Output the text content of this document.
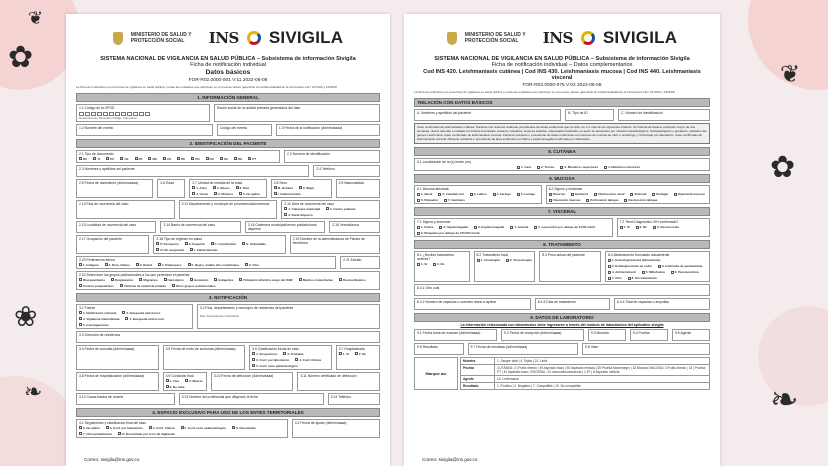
✿
❦
❀
❧
❦
✿
❧
MINISTERIO DE SALUD Y PROTECCIÓN SOCIAL	INS SIVIGILA
SISTEMA NACIONAL DE VIGILANCIA EN SALUD PÚBLICA – Subsistema de información Sivigila
Ficha de notificación individual
Datos básicos
FOR-R02.0000-001 V:11 2022-06-08
La ficha de notificación es para fines de vigilancia en salud pública y todas las entidades que participen en el proceso deben garantizar la confidencialidad de la información LEY 1273/09 y 1266/08
1. INFORMACIÓN GENERAL
1.1 Código de la UPGD
Departamento Municipio Código Sub-Índice
Razón social de la unidad primaria generadora del dato
1.2 Nombre del evento	Código del evento	1.3 Fecha de la notificación (dd/mm/aaaa)
2. IDENTIFICACIÓN DEL PACIENTE
2.1 Tipo de documento
RC	TI	CC	CE	PA	MS	AS	PE	CN	CD	SC	DE	PT
2.2 Número de identificación
2.3 Nombres y apellidos del paciente	2.4 Teléfono
2.5 Fecha de nacimiento (dd/mm/aaaa)	2.6 Edad	2.7 Unidad de medida de la edad
1. Años	2. Meses	3. Días
4. Horas	5. Minutos	0. No aplica
2.8 Sexo
M. Hombre	F. Mujer
I. Indeterminado
2.9 Nacionalidad
2.10 País de ocurrencia del caso	2.11 Departamento y municipio de procedencia/ocurrencia	2.12 Área de ocurrencia del caso
1. Cabecera municipal	2. Centro poblado
3. Rural disperso
2.13 Localidad de ocurrencia del caso	2.14 Barrio de ocurrencia del caso	2.15 Cabecera municipal/centro poblado/rural disperso
2.16 Vereda/zona
2.17 Ocupación del paciente	2.18 Tipo de régimen en salud
P. Excepción	E. Especial	C. Contributivo	S. Subsidiado
N. No asegurado	I. Indeterminado
2.19 Nombre de la administradora de Planes de beneficios
2.20 Pertenencia étnica
1. Indígena	2. Rom, Gitano	3. Raizal	4. Palenquero	5. Negro, mulato afro colombiano	6. Otro
2.21 Estrato
2.22 Seleccione los grupos poblacionales a los que pertenece el paciente
Discapacitados	Desplazados	Migrantes	Carcelarios	Gestantes	Indigentes	Población infantil a cargo del ICBF	Madres comunitarias	Desmovilizados
Centros psiquiátricos	Víctimas de violencia armada	Otros grupos poblacionales
3. NOTIFICACIÓN
3.1 Fuente
1. Notificación rutinaria	2. Búsqueda activa Inst.
3. Vigilancia intensificada	4. Búsqueda activa com.
5. Investigaciones
3.2 País, departamento y municipio de residencia del paciente
País Departamento Municipio
3.3 Dirección de residencia
3.4 Fecha de consulta (dd/mm/aaaa)	3.5 Fecha de inicio de síntomas (dd/mm/aaaa)	3.6 Clasificación inicial de caso
1. Sospechoso	2. Probable
3. Conf. por laboratorio	4. Conf. Clínica
5. Conf. nexo epidemiológico
3.7 Hospitalizado
1. Sí	2. No
3.8 Fecha de hospitalización (dd/mm/aaaa)	3.9 Condición final
1. Vivo	2. Muerto
0. No sabe
3.10 Fecha de defunción (dd/mm/aaaa)	3.11 Número certificado de defunción
3.12 Causa básica de muerte	3.13 Nombre del profesional que diligenció la ficha	3.14 Teléfono
4. ESPACIO EXCLUSIVO PARA USO DE LOS ENTES TERRITORIALES
4.1 Seguimiento y clasificación final del caso
0. No aplica	3. Conf. por laboratorio	4. Conf. Clínica	5. Conf. nexo epidemiológico	6. Descartado
7. Otra actualización	D. Descartado por error de digitación
4.2 Fecha de ajuste (dd/mm/aaaa)
Correo: sivigila@ins.gov.co
MINISTERIO DE SALUD Y PROTECCIÓN SOCIAL	INS SIVIGILA
SISTEMA NACIONAL DE VIGILANCIA EN SALUD PÚBLICA – Subsistema de información Sivigila
Ficha de notificación individual – Datos complementarios
Cod INS 420. Leishmaniasis cutánea | Cod INS 430. Leishmaniasis mucosa | Cod INS 440. Leishmaniasis visceral
FOR-R02.0000-075 V:02 2022-06-08
La ficha de notificación es para fines de vigilancia en salud pública y todas las entidades que participen en el proceso deben garantizar la confidencialidad de la información LEY 1273/09 y 1266/08
RELACIÓN CON DATOS BÁSICOS
A. Nombres y apellidos del paciente	B. Tipo de ID	C. Número de identificación
Caso confirmado de leishmaniasis cutánea: Paciente con lesiones cutáneas procedentes de áreas endémicas que cumple con 2 o más de los siguientes criterios: sin historia de trauma, evolución mayor de dos semanas, úlcera redonda u ovalada con bordes levantados, lesiones nodulares, lesiones satélites, adenopatía localizada, en quien se demuestre por métodos parasitológicos, histopatológicos o genéticos, parásitos del género Leishmania. Caso confirmado de leishmaniasis mucosa: Paciente residente o procedente de áreas endémicas con lesiones de mucosa de nariz u orofaringe y confirmado por laboratorio. Caso confirmado de leishmaniasis visceral: Paciente residente o procedente de área endémica con fiebre y esplenomegalia confirmado por laboratorio.
5. CUTÁNEA
5.1 Localización de la (s) lesión (es)
1. Cara	2. Tronco	3. Miembros superiores	4. Miembros inferiores
6. MUCOSA
6.1 Mucosa afectada
1. Nasal	2. Cavidad oral	3. Labios	4. Faringe	5. Laringe
6. Párpados	7. Genitales
6.2 Signos y síntomas
Rinorrea	Epistaxis	Obstrucción nasal	Disfonía	Disfagia	Hiperemia mucosa
Ulceración mucosa	Perforación tabique	Destrucción tabique
7. VISCERAL
7.1 Signos y síntomas
1. Fiebre	2. Hepatomegalia	3. Esplenomegalia	4. Anemia	5. Leucocitos por debajo de 5.000 /mm3
6. Plaquetas por debajo de 150.000 /mm3
7.2 Tiene Diagnóstico VIH confirmado?
1. Sí	2. No	3. Desconocido
8. TRATAMIENTO
8.1 ¿Recibió tratamiento anterior?
1. Sí	2. No
8.2 Tratamiento local
1. Crioterapia	2. Termoterapia
8.3 Peso actual del paciente	8.4 Medicamento formulado actualmente
1. N-metil glucamina (Glucantime)
2. Estibogluconato de sodio	3. Isetionato de pentamidina
4. Anfotericina B	5. Miltefosina	6. Paromomicina
7. Otro	8. Sin tratamiento
8.4.1 Otro cuál
8.4.2 Número de cápsulas o volumen diario a aplicar	8.4.3 Días de tratamiento	8.4.4 Total de cápsulas o ampollas
9. DATOS DE LABORATORIO
La información relacionada con laboratorios debe ingresarse a través del módulo de laboratorios del aplicativo sivigila
9.1 Fecha toma de examen (dd/mm/aaaa)	9.2 Fecha de recepción (dd/mm/aaaa)	9.3 Muestra	9.4 Prueba	9.5 Agente
9.6 Resultado	9.7 Fecha de resultado (dd/mm/aaaa)	9.8 Valor
Marque así
Muestra	1. Sangre total | 4. Tejido | 21. Linfa
Prueba	CUTÁNEA: 3 | Frotis directo | 49 Aspirado bazo | 50 Aspirado médula | 35 Prueba Montenegro | 32 Biopsia; MUCOSA: 3 Frotis directo | 32 | Prueba PT | 42 Aspirado bazo; VISCERAL: 20 Inmunofluorescencia | 1 IFI | 8 Aspirado médula
Agente	14. Leishmania
Resultado	1. Positivo | 2. Negativo | 7. Compatible | 10. No compatible
Correo: sivigila@ins.gov.co
